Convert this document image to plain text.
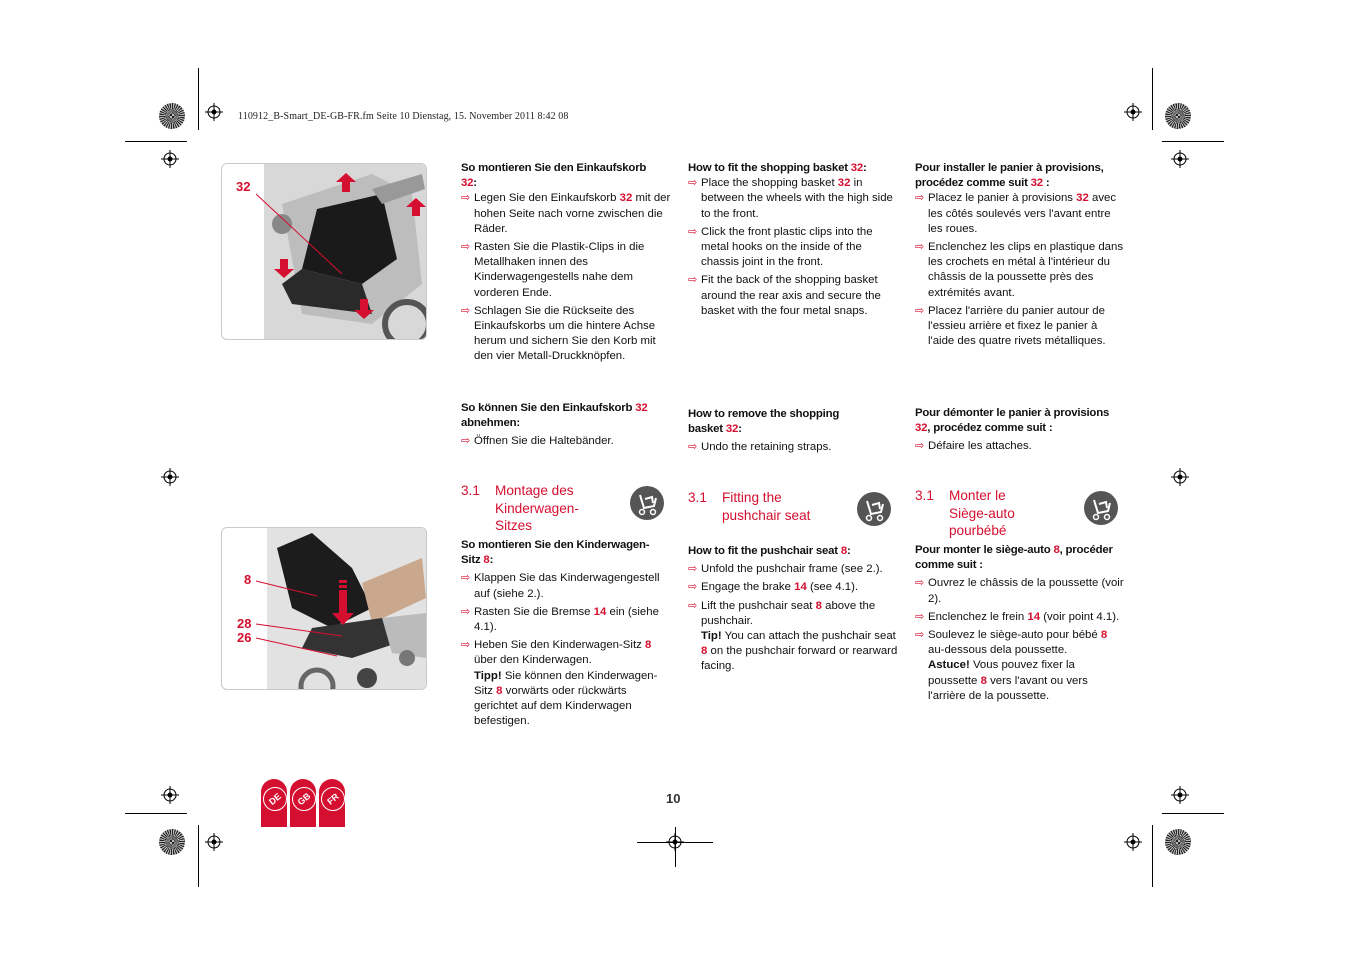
110912_B-Smart_DE-GB-FR.fm Seite 10 Dienstag, 15. November 2011 8:42 08
32
8
28
26
So montieren Sie den Einkaufskorb
32:
⇨ Legen Sie den Einkaufskorb 32 mit der hohen Seite nach vorne zwischen die Räder.
⇨ Rasten Sie die Plastik-Clips in die Metallhaken innen des Kinderwagengestells nahe dem vorderen Ende.
⇨ Schlagen Sie die Rückseite des Einkaufskorbs um die hintere Achse herum und sichern Sie den Korb mit den vier Metall-Druckknöpfen.
So können Sie den Einkaufskorb 32
abnehmen:
⇨ Öffnen Sie die Haltebänder.
3.1 Montage des
Kinderwagen-
Sitzes
So montieren Sie den Kinderwagen-
Sitz 8:
⇨ Klappen Sie das Kinderwagengestell auf (siehe 2.).
⇨ Rasten Sie die Bremse 14 ein (siehe 4.1).
⇨ Heben Sie den Kinderwagen-Sitz 8 über den Kinderwagen.
Tipp! Sie können den Kinderwagen-Sitz 8 vorwärts oder rückwärts gerichtet auf dem Kinderwagen befestigen.
How to fit the shopping basket 32:
⇨ Place the shopping basket 32 in between the wheels with the high side to the front.
⇨ Click the front plastic clips into the metal hooks on the inside of the chassis joint in the front.
⇨ Fit the back of the shopping basket around the rear axis and secure the basket with the four metal snaps.
How to remove the shopping
basket 32:
⇨ Undo the retaining straps.
3.1 Fitting the
pushchair seat
How to fit the pushchair seat 8:
⇨ Unfold the pushchair frame (see 2.).
⇨ Engage the brake 14 (see 4.1).
⇨ Lift the pushchair seat 8 above the pushchair.
Tip! You can attach the pushchair seat 8 on the pushchair forward or rearward facing.
Pour installer le panier à provisions,
procédez comme suit 32 :
⇨ Placez le panier à provisions 32 avec les côtés soulevés vers l'avant entre les roues.
⇨ Enclenchez les clips en plastique dans les crochets en métal à l'intérieur du châssis de la poussette près des extrémités avant.
⇨ Placez l'arrière du panier autour de l'essieu arrière et fixez le panier à l'aide des quatre rivets métalliques.
Pour démonter le panier à provisions
32, procédez comme suit :
⇨ Défaire les attaches.
3.1 Monter le
Siège-auto
pourbébé
Pour monter le siège-auto 8, procéder
comme suit :
⇨ Ouvrez le châssis de la poussette (voir 2).
⇨ Enclenchez le frein 14 (voir point 4.1).
⇨ Soulevez le siège-auto pour bébé 8 au-dessous dela poussette.
Astuce! Vous pouvez fixer la poussette 8 vers l'avant ou vers l'arrière de la poussette.
DE	GB	FR	10
